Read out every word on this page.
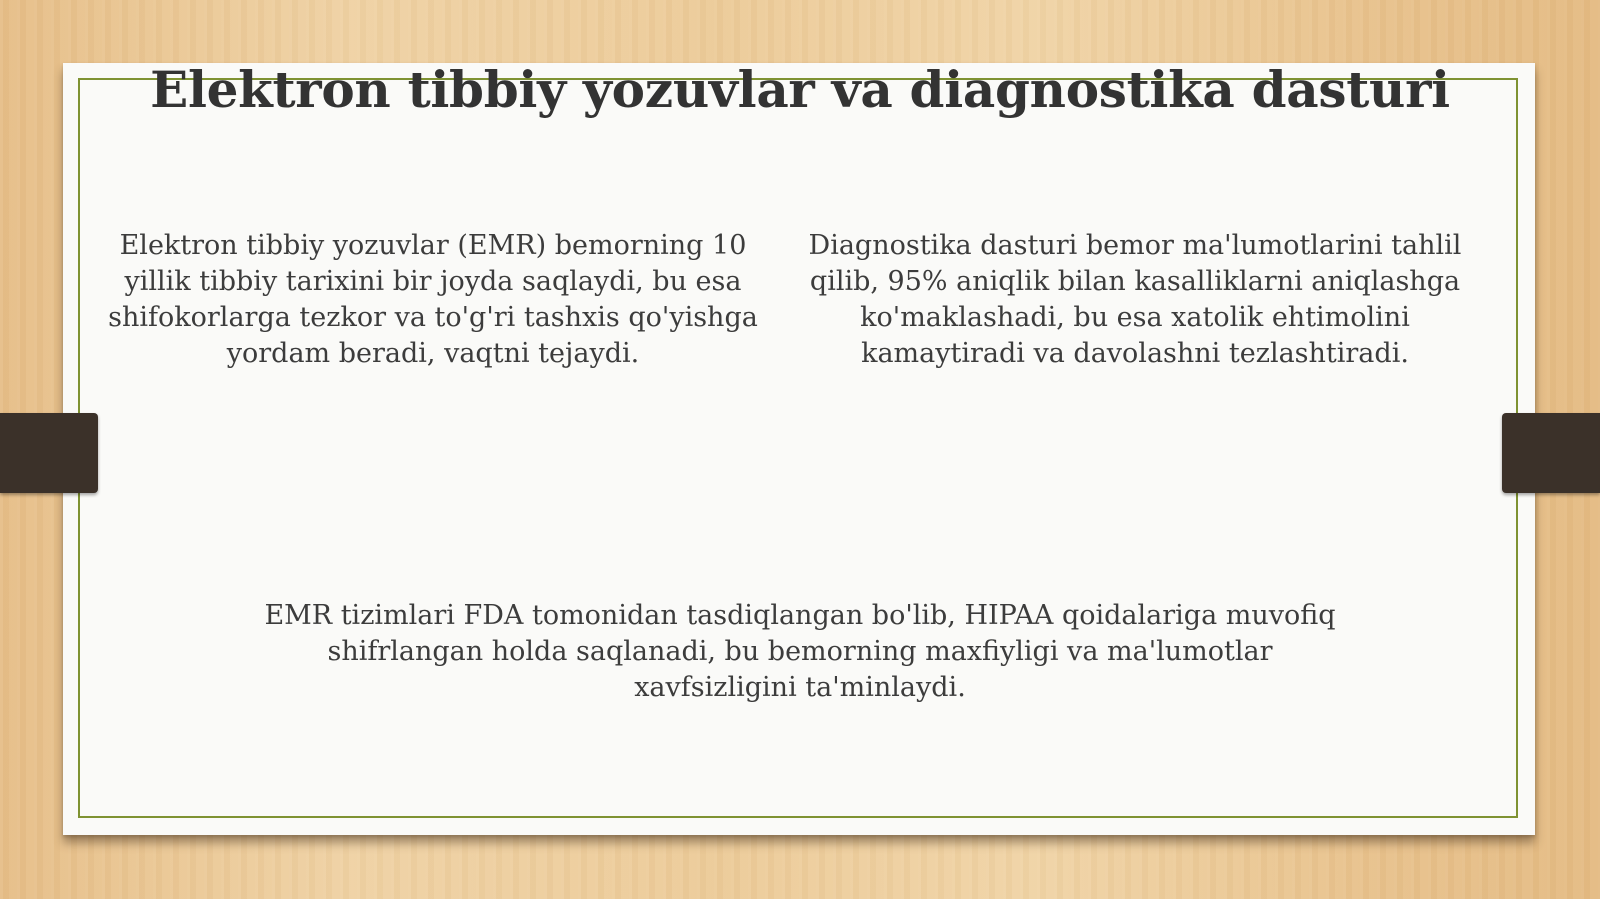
Elektron tibbiy yozuvlar va diagnostika dasturi

Elektron tibbiy yozuvlar (EMR) bemorning 10 yillik tibbiy tarixini bir joyda saqlaydi, bu esa shifokorlarga tezkor va to'g'ri tashxis qo'yishga yordam beradi, vaqtni tejaydi.

Diagnostika dasturi bemor ma'lumotlarini tahlil qilib, 95% aniqlik bilan kasalliklarni aniqlashga ko'maklashadi, bu esa xatolik ehtimolini kamaytiradi va davolashni tezlashtiradi.

EMR tizimlari FDA tomonidan tasdiqlangan bo'lib, HIPAA qoidalariga muvofiq shifrlangan holda saqlanadi, bu bemorning maxfiyligi va ma'lumotlar xavfsizligini ta'minlaydi.
